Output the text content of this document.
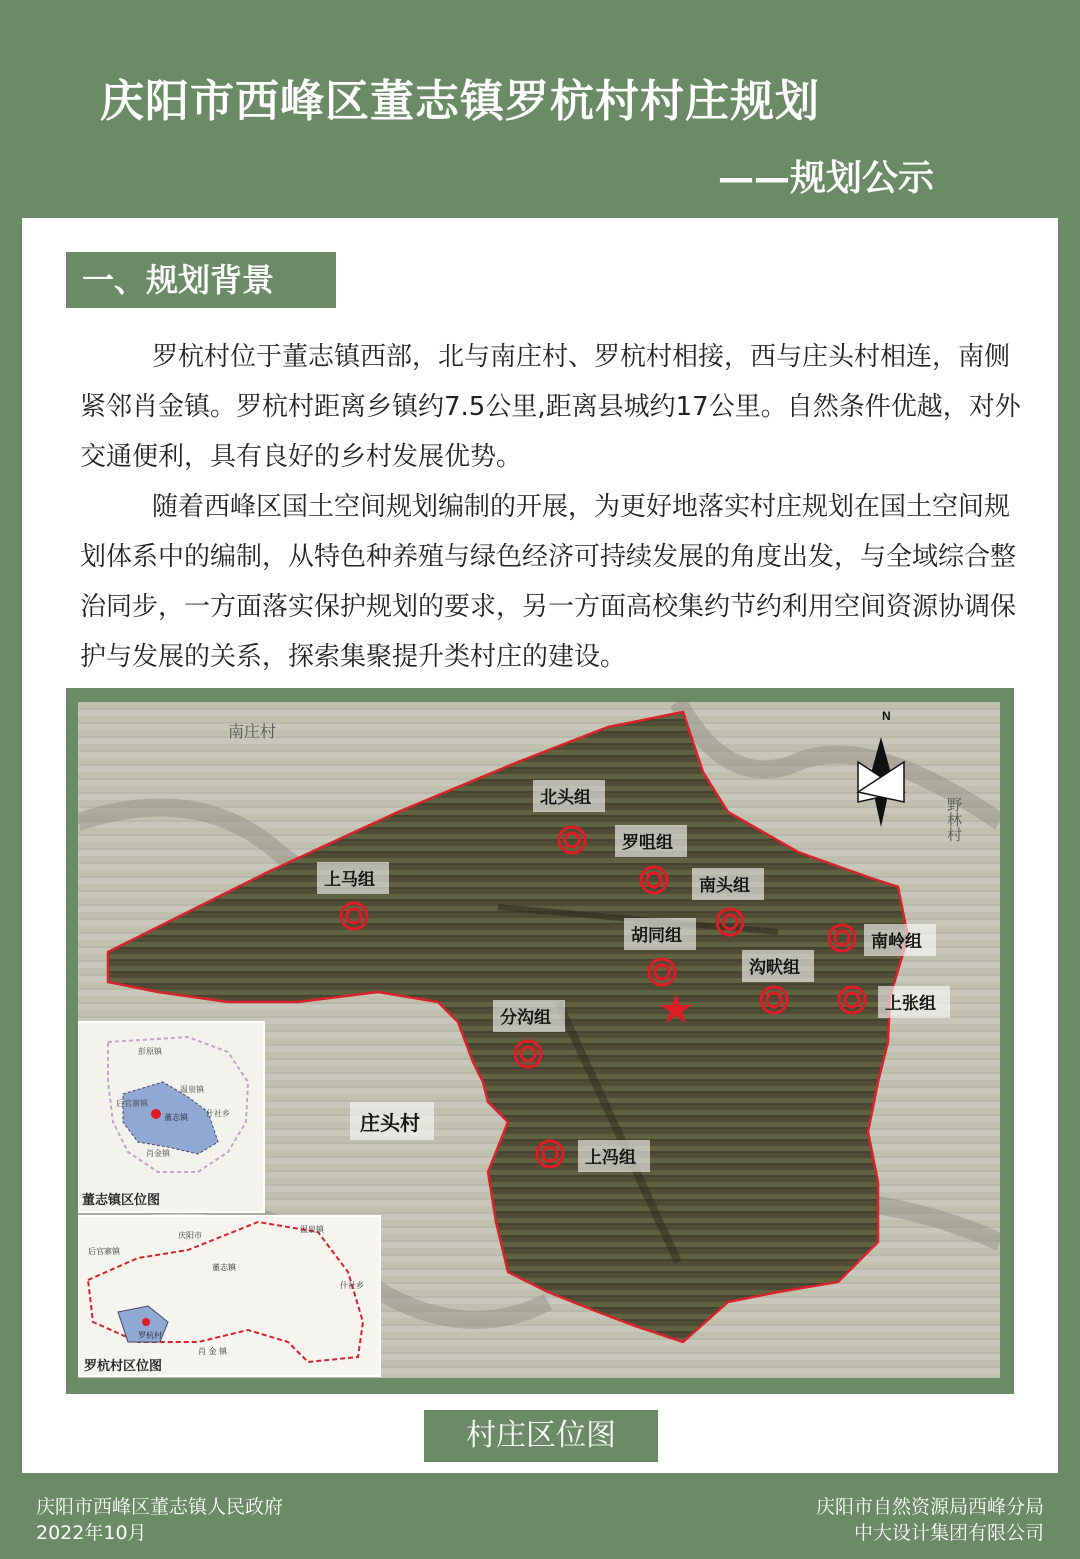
庆阳市西峰区董志镇罗杭村村庄规划
——规划公示
一、规划背景

罗杭村位于董志镇西部，北与南庄村、罗杭村相接，西与庄头村相连，南侧紧邻肖金镇。罗杭村距离乡镇约7.5公里,距离县城约17公里。自然条件优越，对外交通便利，具有良好的乡村发展优势。

随着西峰区国土空间规划编制的开展，为更好地落实村庄规划在国土空间规划体系中的编制，从特色种养殖与绿色经济可持续发展的角度出发，与全域综合整治同步，一方面落实保护规划的要求，另一方面高校集约节约利用空间资源协调保护与发展的关系，探索集聚提升类村庄的建设。

N
南庄村
野林村
庄头村
北头组
罗咀组
南头组
上马组
胡同组	南岭组
沟畎组
上张组
分沟组
上冯组
彭原镇
温泉镇
后官寨镇
董志镇 什社乡
肖金镇
董志镇区位图
庆阳市
温泉镇
后官寨镇
董志镇
什社乡
罗杭村
肖 金 镇
罗杭村区位图
村庄区位图
庆阳市西峰区董志镇人民政府
2022年10月
庆阳市自然资源局西峰分局
中大设计集团有限公司
